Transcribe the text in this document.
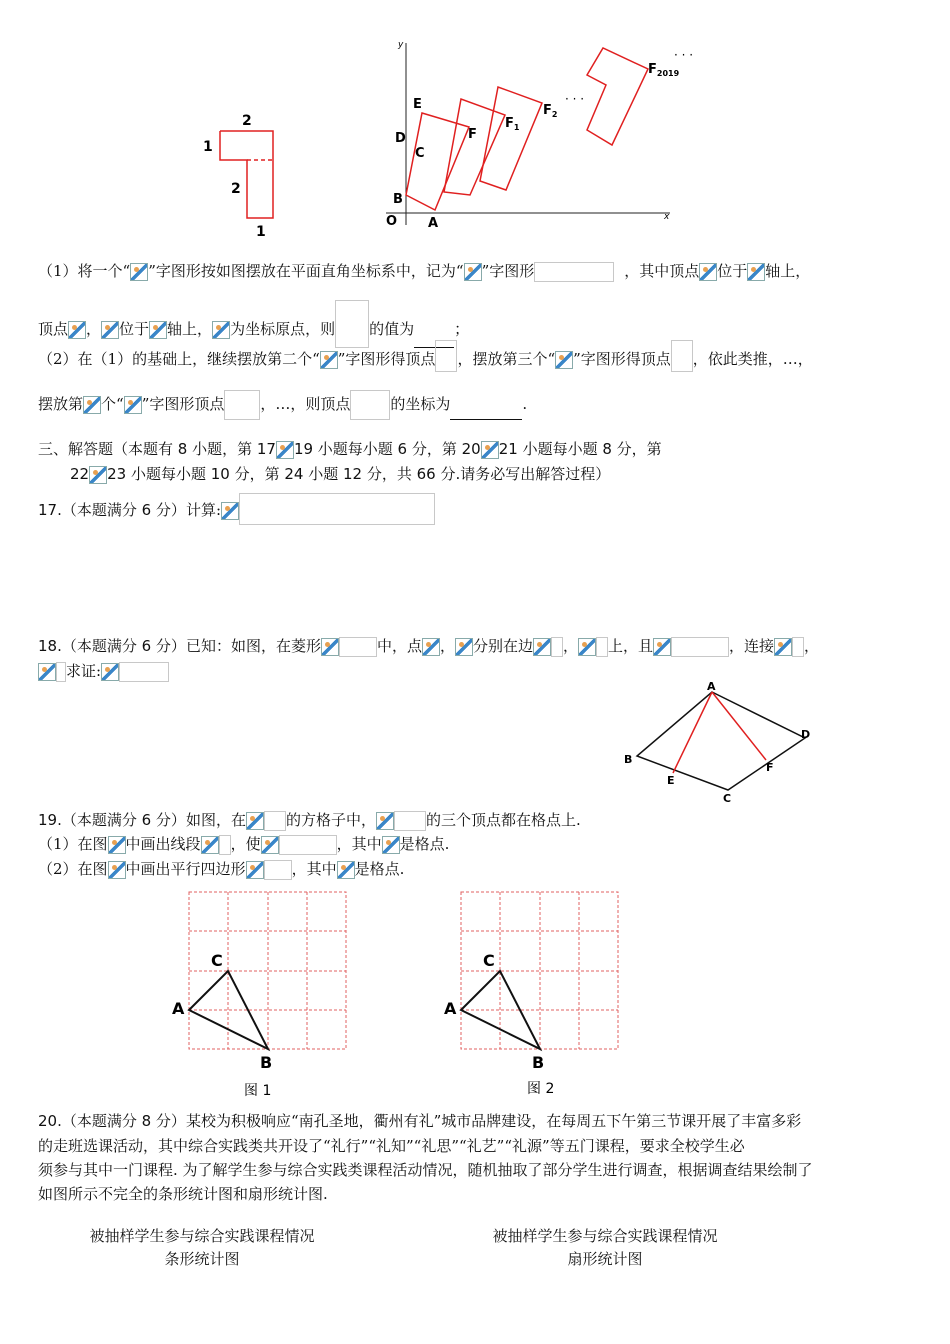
2
1
2
1
y
x
O A
B
C
D
E
F
$F_1$
$F_2$
· · ·
$F_{2019}$
· · ·
（1）将一个“ ”字图形按如图摆放在平面直角坐标系中，记为“ ”字图形	，其中顶点 位于 轴上，
顶点 ， 位于 轴上， 为坐标原点，则 的值为	；
（2）在（1）的基础上，继续摆放第二个“ ”字图形得顶点 ，摆放第三个“ ”字图形得顶点 ，依此类推，…，
摆放第 个“ ”字图形顶点 ，…，则顶点	的坐标为	.
三、解答题（本题有 8 小题，第 17 19 小题每小题 6 分，第 20 21 小题每小题 8 分，第
22 23 小题每小题 10 分，第 24 小题 12 分，共 66 分.请务必写出解答过程）
17.（本题满分 6 分）计算:
18.（本题满分 6 分）已知：如图，在菱形	中，点 ， 分别在边 ， 上，且	，连接 ，
求证:
A
B
C
D
E
F
19.（本题满分 6 分）如图，在	的方格子中，	的三个顶点都在格点上.
（1）在图 中画出线段 ，使	，其中 是格点.
（2）在图 中画出平行四边形	，其中 是格点.
A
B
C
图 1
A
B
C
图 2
20.（本题满分 8 分）某校为积极响应“南孔圣地，衢州有礼”城市品牌建设，在每周五下午第三节课开展了丰富多彩
的走班选课活动，其中综合实践类共开设了“礼行”“礼知”“礼思”“礼艺”“礼源”等五门课程，要求全校学生必
须参与其中一门课程. 为了解学生参与综合实践类课程活动情况，随机抽取了部分学生进行调查，根据调查结果绘制了
如图所示不完全的条形统计图和扇形统计图.
被抽样学生参与综合实践课程情况
条形统计图
被抽样学生参与综合实践课程情况
扇形统计图
